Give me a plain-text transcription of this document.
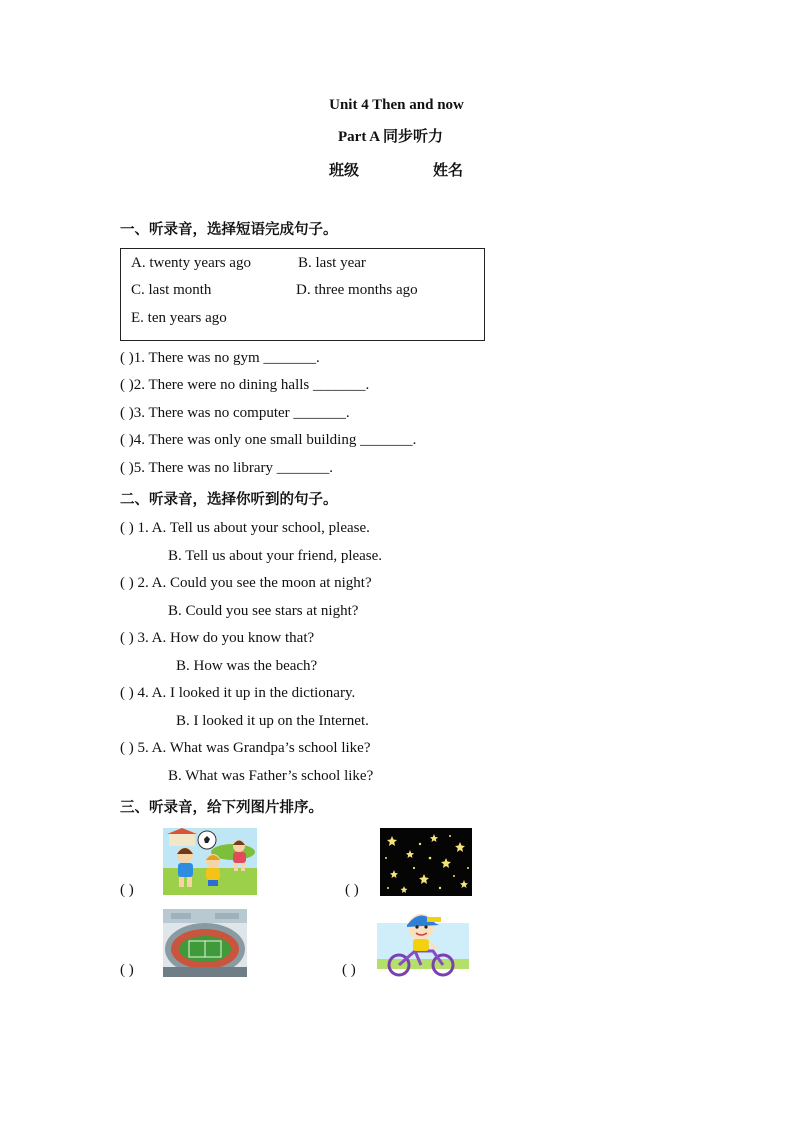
Unit 4 Then and now
Part A 同步听力
班级	姓名
一、听录音，选择短语完成句子。
A. twenty years ago	B. last year
C. last month	D. three months ago
E. ten years ago
( )1. There was no gym _______.
( )2. There were no dining halls _______.
( )3. There was no computer _______.
( )4. There was only one small building _______.
( )5. There was no library _______.
二、听录音，选择你听到的句子。
( ) 1. A. Tell us about your school, please.
B. Tell us about your friend, please.
( ) 2. A. Could you see the moon at night?
B. Could you see stars at night?
( ) 3. A. How do you know that?
B. How was the beach?
( ) 4. A. I looked it up in the dictionary.
B. I looked it up on the Internet.
( ) 5. A. What was Grandpa’s school like?
B. What was Father’s school like?
三、听录音，给下列图片排序。
( )	( )
( )	( )
